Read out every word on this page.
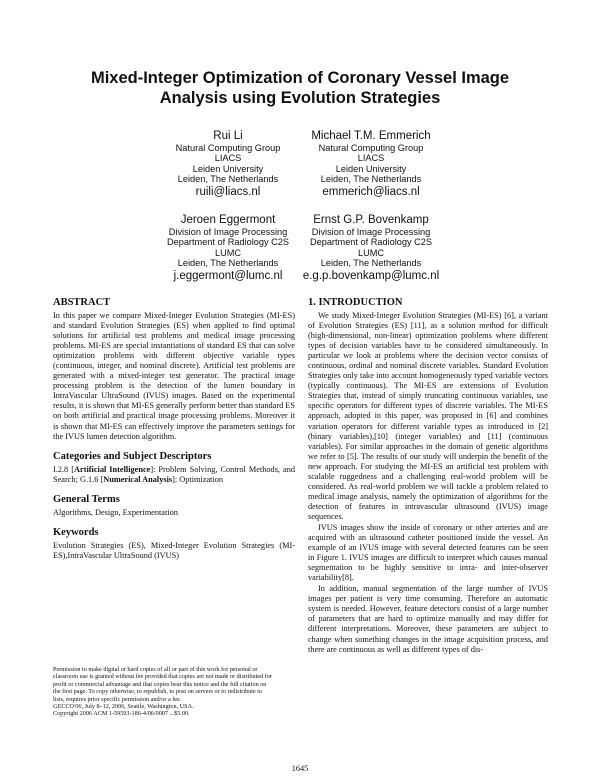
Mixed-Integer Optimization of Coronary Vessel Image
Analysis using Evolution Strategies
Rui Li
Natural Computing Group
LIACS
Leiden University
Leiden, The Netherlands
ruili@liacs.nl
Michael T.M. Emmerich
Natural Computing Group
LIACS
Leiden University
Leiden, The Netherlands
emmerich@liacs.nl
Jeroen Eggermont
Division of Image Processing
Department of Radiology C2S
LUMC
Leiden, The Netherlands
j.eggermont@lumc.nl
Ernst G.P. Bovenkamp
Division of Image Processing
Department of Radiology C2S
LUMC
Leiden, The Netherlands
e.g.p.bovenkamp@lumc.nl
ABSTRACT

In this paper we compare Mixed-Integer Evolution Strategies (MI-ES) and standard Evolution Strategies (ES) when applied to find optimal solutions for artificial test problems and medical image processing problems. MI-ES are special instantiations of standard ES that can solve optimization problems with different objective variable types (continuous, integer, and nominal discrete). Artificial test problems are generated with a mixed-integer test generator. The practical image processing problem is the detection of the lumen boundary in IntraVascular UltraSound (IVUS) images. Based on the experimental results, it is shown that MI-ES generally perform better than standard ES on both artificial and practical image processing problems. Moreover it is shown that MI-ES can effectively improve the parameters settings for the IVUS lumen detection algorithm.

Categories and Subject Descriptors

I.2.8 [Artificial Intelligence]: Problem Solving, Control Methods, and Search; G.1.6 [Numerical Analysis]: Optimization

General Terms

Algorithms, Design, Experimentation

Keywords

Evolution Strategies (ES), Mixed-Integer Evolution Strategies (MI-ES),IntraVascular UltraSound (IVUS)

Permission to make digital or hard copies of all or part of this work for personal or classroom use is granted without fee provided that copies are not made or distributed for profit or commercial advantage and that copies bear this notice and the full citation on the first page. To copy otherwise, to republish, to post on servers or to redistribute to lists, requires prior specific permission and/or a fee.

GECCO'06, July 8–12, 2006, Seattle, Washington, USA.

Copyright 2006 ACM 1-59593-186-4/06/0007 ...$5.00.

1. INTRODUCTION

We study Mixed-Integer Evolution Strategies (MI-ES) [6], a variant of Evolution Strategies (ES) [11], as a solution method for difficult (high-dimensional, non-linear) optimization problems where different types of decision variables have to be considered simultaneously. In particular we look at problems where the decision vector consists of continuous, ordinal and nominal discrete variables. Standard Evolution Strategies only take into account homogeneously typed variable vectors (typically continuous). The MI-ES are extensions of Evolution Strategies that, instead of simply truncating continuous variables, use specific operators for different types of discrete variables. The MI-ES approach, adopted in this paper, was proposed in [6] and combines variation operators for different variable types as introduced in [2] (binary variables),[10] (integer variables) and [11] (continuous variables). For similar approaches in the domain of genetic algorithms we refer to [5]. The results of our study will underpin the benefit of the new approach. For studying the MI-ES an artificial test problem with scalable ruggedness and a challenging real-world problem will be considered. As real-world problem we will tackle a problem related to medical image analysis, namely the optimization of algorithms for the detection of features in intravascular ultrasound (IVUS) image sequences.

IVUS images show the inside of coronary or other arteries and are acquired with an ultrasound catheter positioned inside the vessel. An example of an IVUS image with several detected features can be seen in Figure 1. IVUS images are difficult to interpret which causes manual segmentation to be highly sensitive to intra- and inter-observer variability[8].

In addition, manual segmentation of the large number of IVUS images per patient is very time consuming. Therefore an automatic system is needed. However, feature detectors consist of a large number of parameters that are hard to optimize manually and may differ for different interpretations. Moreover, these parameters are subject to change when something changes in the image acquisition process, and there are continuous as well as different types of dis-

1645
